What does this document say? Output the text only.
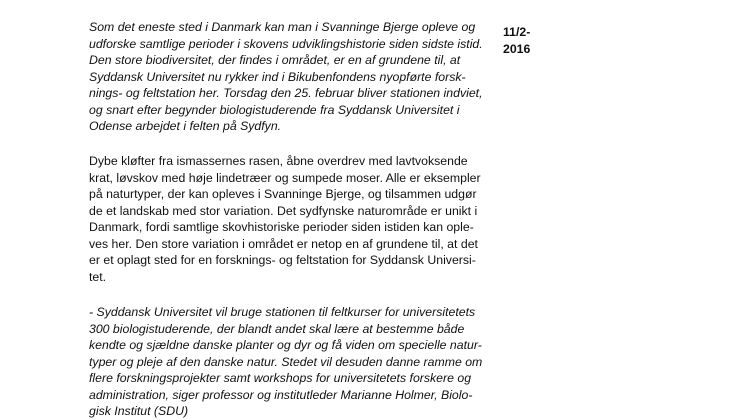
Som det eneste sted i Danmark kan man i Svanninge Bjerge opleve og
udforske samtlige perioder i skovens udviklingshistorie siden sidste istid.
Den store biodiversitet, der findes i området, er en af grundene til, at
Syddansk Universitet nu rykker ind i Bikubenfondens nyopførte forsk-
nings- og feltstation her. Torsdag den 25. februar bliver stationen indviet,
og snart efter begynder biologistuderende fra Syddansk Universitet i
Odense arbejdet i felten på Sydfyn.
11/2-
2016
Dybe kløfter fra ismassernes rasen, åbne overdrev med lavtvoksende
krat, løvskov med høje lindetræer og sumpede moser. Alle er eksempler
på naturtyper, der kan opleves i Svanninge Bjerge, og tilsammen udgør
de et landskab med stor variation. Det sydfynske naturområde er unikt i
Danmark, fordi samtlige skovhistoriske perioder siden istiden kan ople-
ves her. Den store variation i området er netop en af grundene til, at det
er et oplagt sted for en forsknings- og feltstation for Syddansk Universi-
tet.
- Syddansk Universitet vil bruge stationen til feltkurser for universitetets
300 biologistuderende, der blandt andet skal lære at bestemme både
kendte og sjældne danske planter og dyr og få viden om specielle natur-
typer og pleje af den danske natur. Stedet vil desuden danne ramme om
flere forskningsprojekter samt workshops for universitetets forskere og
administration, siger professor og institutleder Marianne Holmer, Biolo-
gisk Institut (SDU)
